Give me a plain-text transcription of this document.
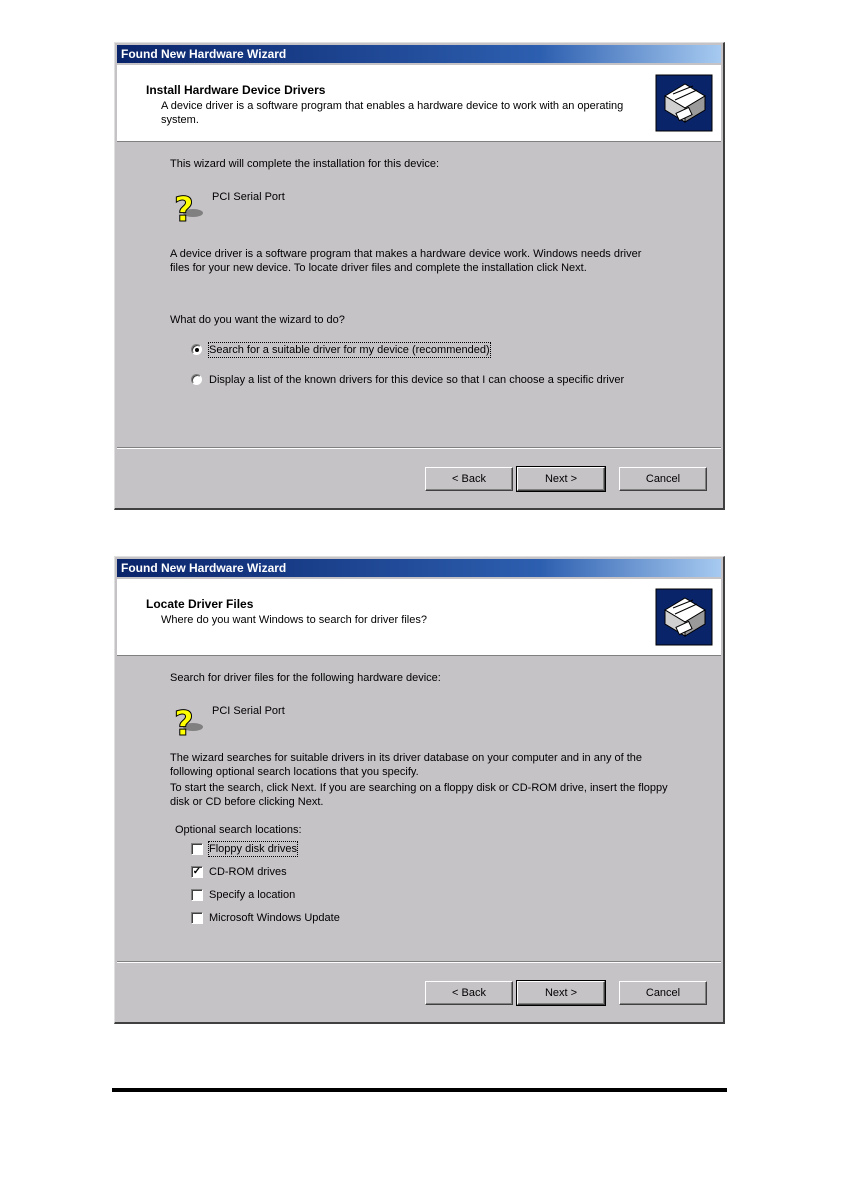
Found New Hardware Wizard
Install Hardware Device Drivers
A device driver is a software program that enables a hardware device to work with an operating system.
This wizard will complete the installation for this device:
? PCI Serial Port
A device driver is a software program that makes a hardware device work. Windows needs driver files for your new device. To locate driver files and complete the installation click Next.
What do you want the wizard to do?
Search for a suitable driver for my device (recommended)
Display a list of the known drivers for this device so that I can choose a specific driver
< Back	Next >	Cancel
Found New Hardware Wizard
Locate Driver Files
Where do you want Windows to search for driver files?
Search for driver files for the following hardware device:
? PCI Serial Port
The wizard searches for suitable drivers in its driver database on your computer and in any of the following optional search locations that you specify.
To start the search, click Next. If you are searching on a floppy disk or CD-ROM drive, insert the floppy disk or CD before clicking Next.
Optional search locations:
Floppy disk drives
✓ CD-ROM drives
Specify a location
Microsoft Windows Update
< Back	Next >	Cancel
